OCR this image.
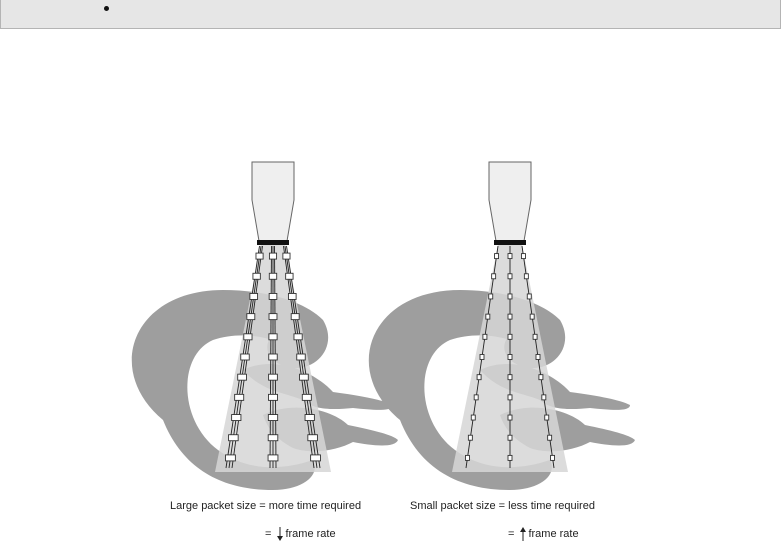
Large packet size = more time required
= frame rate
Small packet size = less time required
= frame rate
